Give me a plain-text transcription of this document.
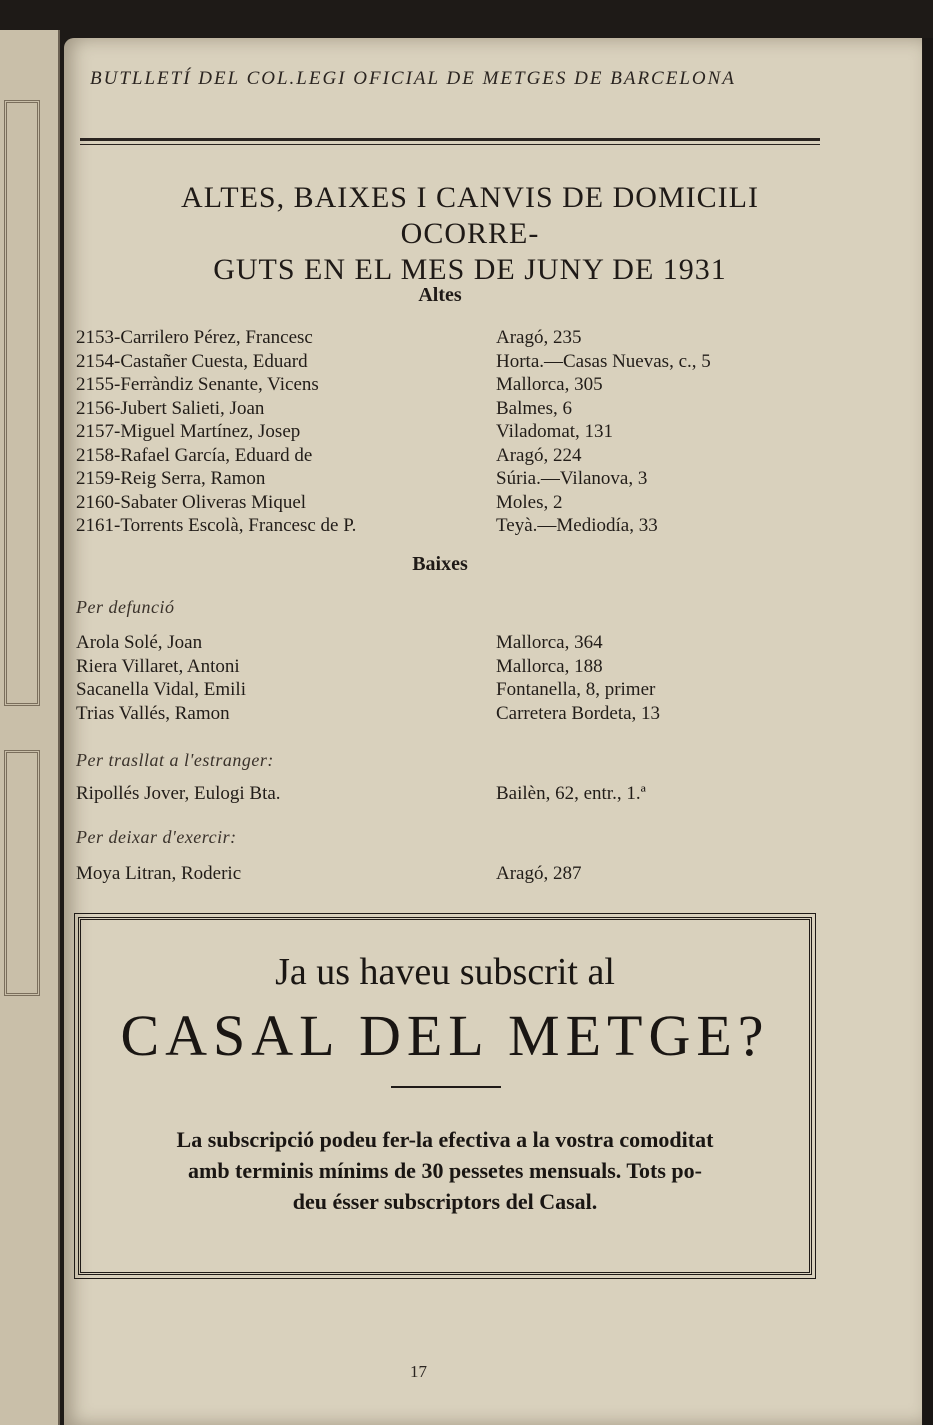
BUTLLETÍ DEL COL.LEGI OFICIAL DE METGES DE BARCELONA
ALTES, BAIXES I CANVIS DE DOMICILI OCORRE-
GUTS EN EL MES DE JUNY DE 1931
Altes
2153-Carrilero Pérez, Francesc	Aragó, 235
2154-Castañer Cuesta, Eduard	Horta.—Casas Nuevas, c., 5
2155-Ferràndiz Senante, Vicens	Mallorca, 305
2156-Jubert Salieti, Joan	Balmes, 6
2157-Miguel Martínez, Josep	Viladomat, 131
2158-Rafael García, Eduard de	Aragó, 224
2159-Reig Serra, Ramon	Súria.—Vilanova, 3
2160-Sabater Oliveras Miquel	Moles, 2
2161-Torrents Escolà, Francesc de P.	Teyà.—Mediodía, 33
Baixes
Per defunció
Arola Solé, Joan	Mallorca, 364
Riera Villaret, Antoni	Mallorca, 188
Sacanella Vidal, Emili	Fontanella, 8, primer
Trias Vallés, Ramon	Carretera Bordeta, 13
Per trasllat a l'estranger:
Ripollés Jover, Eulogi Bta.	Bailèn, 62, entr., 1.ª
Per deixar d'exercir:
Moya Litran, Roderic	Aragó, 287
Ja us haveu subscrit al
CASAL DEL METGE?
La subscripció podeu fer-la efectiva a la vostra comoditat
amb terminis mínims de 30 pessetes mensuals. Tots po-
deu ésser subscriptors del Casal.
17
